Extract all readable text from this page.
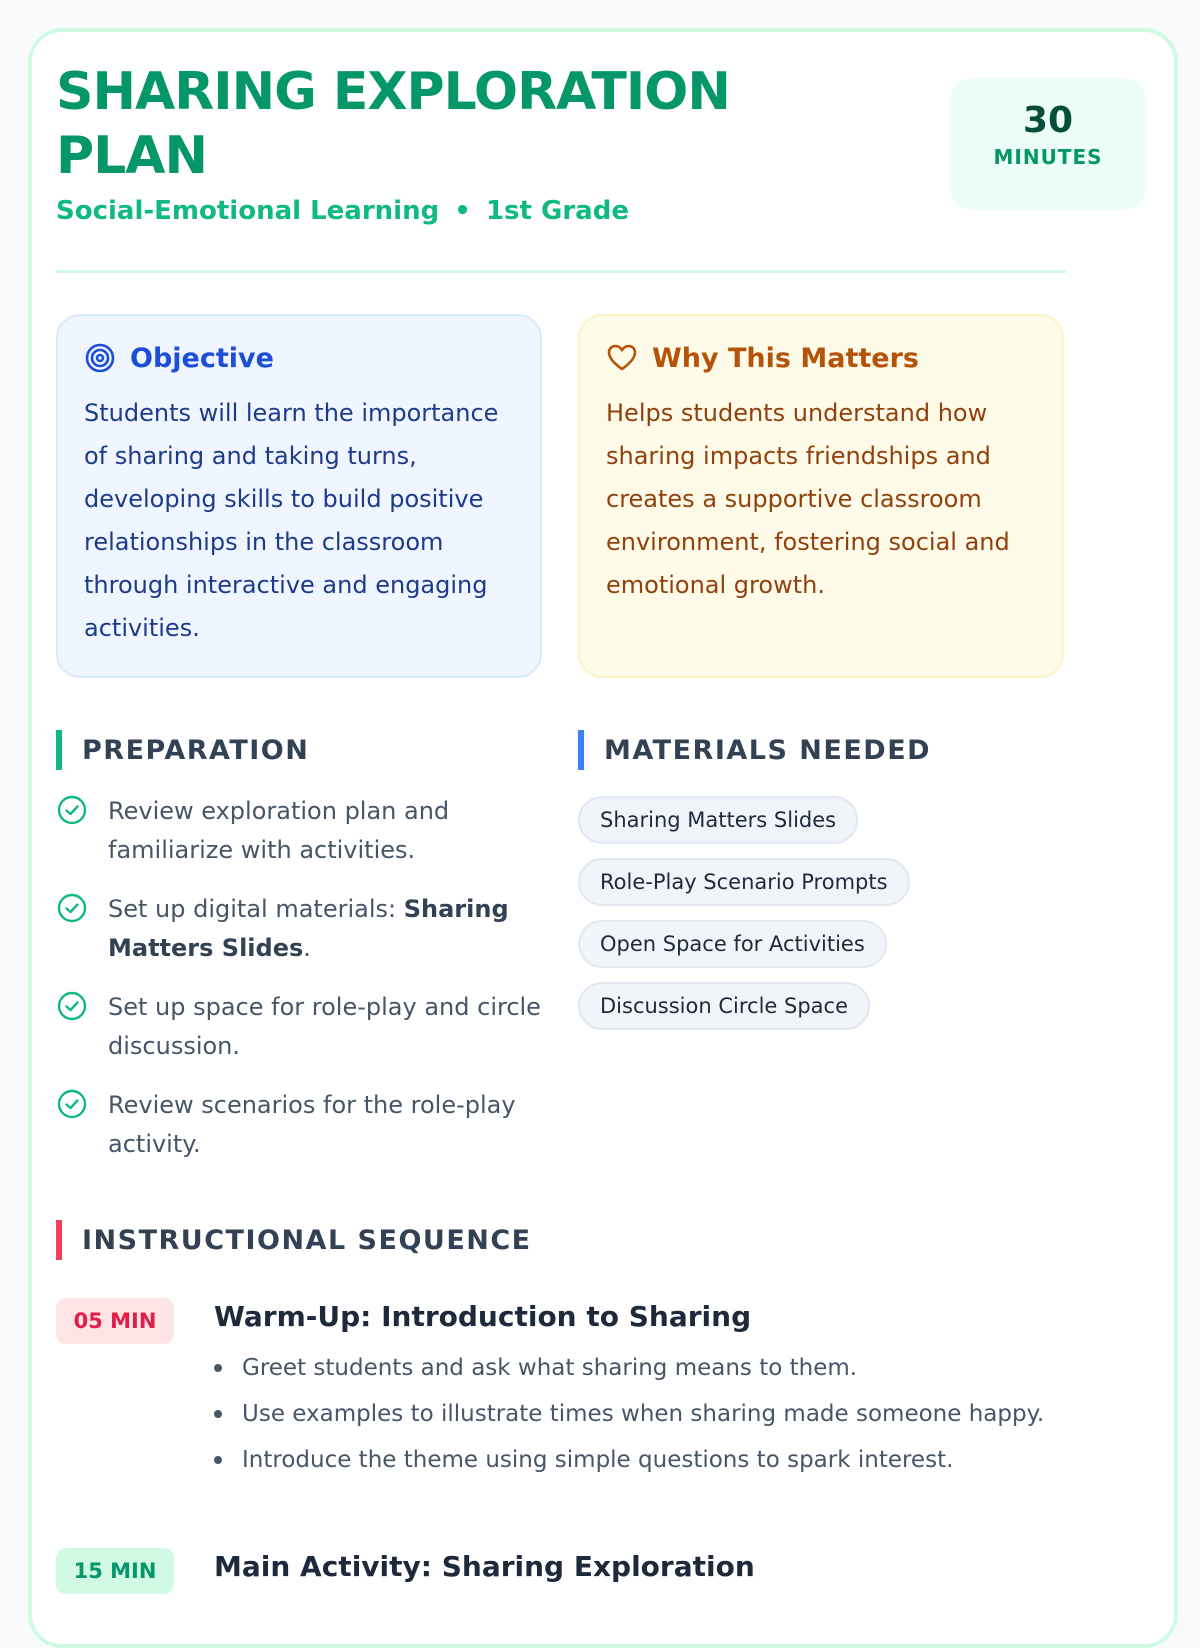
SHARING EXPLORATION PLAN
Social-Emotional Learning • 1st Grade
30
MINUTES
Objective

Students will learn the importance of sharing and taking turns, developing skills to build positive relationships in the classroom through interactive and engaging activities.

Why This Matters

Helps students understand how sharing impacts friendships and creates a supportive classroom environment, fostering social and emotional growth.

PREPARATION
Review exploration plan and familiarize with activities.
Set up digital materials: Sharing Matters Slides.
Set up space for role-play and circle discussion.
Review scenarios for the role-play activity.
MATERIALS NEEDED
Sharing Matters Slides
Role-Play Scenario Prompts
Open Space for Activities
Discussion Circle Space
INSTRUCTIONAL SEQUENCE
05 MIN	Warm-Up: Introduction to Sharing
Greet students and ask what sharing means to them.
Use examples to illustrate times when sharing made someone happy.
Introduce the theme using simple questions to spark interest.
15 MIN	Main Activity: Sharing Exploration
